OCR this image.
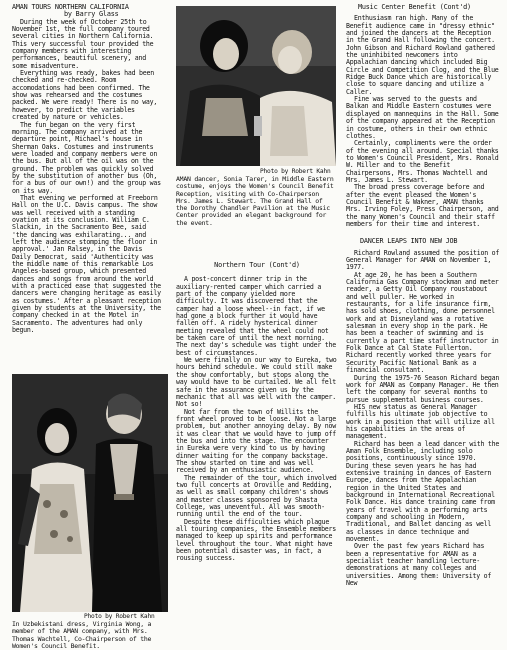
AMAN TOURS NORTHERN CALIFORNIA
by Barry Glass

During the week of October 25th to November 1st, the full company toured several cities in Northern California. This very successful tour provided the company members with interesting performances, beautiful scenery, and some misadventure.

Everything was ready, bakes had been checked and re-checked. Room accomodations had been confirmed. The show was rehearsed and the costumes packed. We were ready! There is no way, however, to predict the variables created by nature or vehicles.

The fun began on the very first morning. The company arrived at the departure point, Michael's house in Sherman Oaks. Costumes and instruments were loaded and company members were on the bus. But all of the oil was on the ground. The problem was quickly solved by the substitution of another bus (Oh, for a bus of our own!) and the group was on its way.

That evening we performed at Freeborn Hall on the U.C. Davis campus. The show was well received with a standing ovation at its conclusion. William C. Slackin, in the Sacramento Bee, said 'the dancing was exhilarating... and left the audience stomping the floor in approval.' Jan Ralsey, in the Davis Daily Democrat, said 'Authenticity was the middle name of this remarkable Los Angeles-based group, which presented dances and songs from around the world with a practiced ease that suggested the dancers were changing heritage as easily as costumes.' After a pleasant reception given by students at the University, the company checked in at the Motel in Sacramento. The adventures had only begun.

Photo by Robert Kahn
In Uzbekistani dress, Virginia Wong, a member of the AMAN company, with Mrs. Thomas Wachtell, Co-Chairperson of the Women's Council Benefit.
Photo by Robert Kahn
AMAN dancer, Sonia Tarer, in Middle Eastern costume, enjoys the Women's Council Benefit Reception, visiting with Co-Chairperson Mrs. James L. Stewart. The Grand Hall of the Dorothy Chandler Pavilion at the Music Center provided an elegant background for the event.
Northern Tour (Cont'd)

A post-concert dinner trip in the auxiliary-rented camper which carried a part of the company yielded more difficulty. It was discovered that the camper had a loose wheel--in fact, if we had gone a block further it would have fallen off. A ridely hysterical dinner meeting revealed that the wheel could not be taken care of until the next morning. The next day's schedule was tight under the best of circumstances.

We were finally on our way to Eureka, two hours behind schedule. We could still make the show comfortably, but stops along the way would have to be curtailed. We all felt safe in the assurance given us by the mechanic that all was well with the camper. Not so!

Not far from the town of Willits the front wheel proved to be loose. Not a large problem, but another annoying delay. By now it was clear that we would have to jump off the bus and into the stage. The encounter in Eureka were very kind to us by having dinner waiting for the company backstage. The show started on time and was well received by an enthusiastic audience.

The remainder of the tour, which involved two full concerts at Oroville and Redding, as well as small company children's shows and master classes sponsored by Shasta College, was uneventful. All was smooth-running until the end of the tour.

Despite these difficulties which plague all touring companies, the Ensemble members managed to keep up spirits and performance level throughout the tour. What might have been potential disaster was, in fact, a rousing success.

Music Center Benefit (Cont'd)

Enthusiasm ran high. Many of the Benefit audience came in "dressy ethnic" and joined the dancers at the Reception in the Grand Hall following the concert. John Gibson and Richard Rowland gathered the uninhibited newcomers into Appalachian dancing which included Big Circle and Competition Clog, and the Blue Ridge Buck Dance which are historically close to square dancing and utilize a Caller.

Fine was served to the guests and Balkan and Middle Eastern costumes were displayed on mannequins in the Hall. Some of the company appeared at the Reception in costume, others in their own ethnic clothes.

Certainly, compliments were the order of the evening all around. Special thanks to Women's Council President, Mrs. Ronald W. Miller and to the Benefit Chairpersons, Mrs. Thomas Wachtell and Mrs. James L. Stewart.

The broad press coverage before and after the event pleased the Women's Council Benefit & Wakner, AMAN thanks Mrs. Irving Foley, Press Chairperson, and the many Women's Council and their staff members for their time and interest.

DANCER LEAPS INTO NEW JOB

Richard Rowland assumed the position of General Manager for AMAN on November 1, 1977.

At age 20, he has been a Southern California Gas Company stockman and meter reader, a Getty Oil Company roustabout and well puller. He worked in restaurants, for a life insurance firm, has sold shoes, clothing, done personnel work and at Disneyland was a rotative salesman in every shop in the park. He has been a teacher of swimming and is currently a part time staff instructor in Folk Dance at Cal State Fullerton. Richard recently worked three years for Security Pacific National Bank as a financial consultant.

During the 1975-76 Season Richard began work for AMAN as Company Manager. He then left the company for several months to pursue supplemental business courses.

HIS new status as General Manager fulfills his ultimate job objective to work in a position that will utilize all his capabilities in the areas of management.

Richard has been a lead dancer with the Aman Folk Ensemble, including solo positions, continuously since 1970. During these seven years he has had extensive training in dances of Eastern Europe, dances from the Appalachian region in the United States and background in International Recreational Folk Dance. His dance training came from years of travel with a performing arts company and schooling in Modern, Traditional, and Ballet dancing as well as classes in dance technique and movement.

Over the past few years Richard has been a representative for AMAN as a specialist teacher handling lecture-demonstrations at many colleges and universities. Among them: University of New
